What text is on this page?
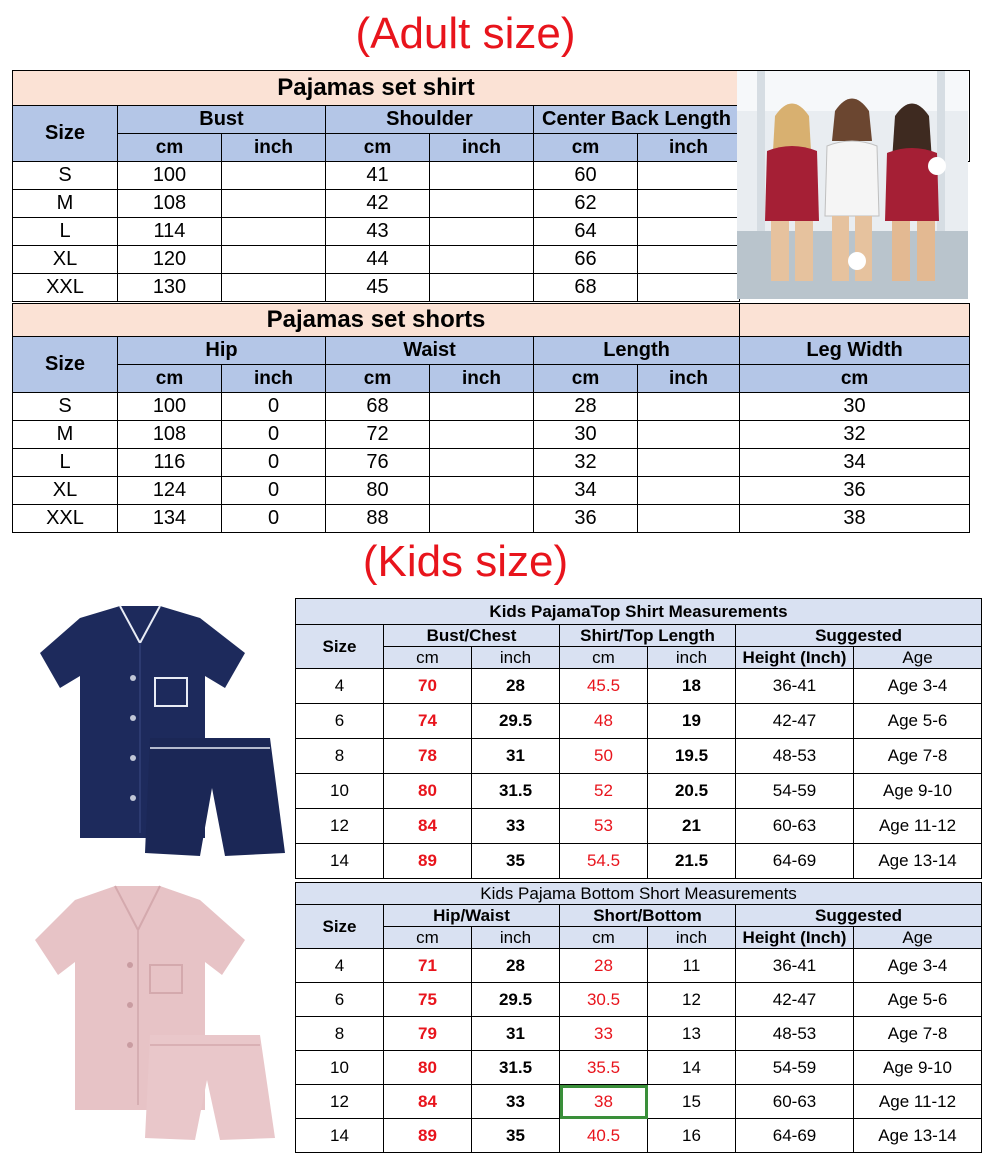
(Adult size)
Pajamas set shirt							
Size	Bust		Shoulder		Center Back Length		
	cm	inch	cm	inch	cm	inch	
S	100		41		60		
M	108		42		62		
L	114		43		64		
XL	120		44		66		
XXL	130		45		68		
Pajamas set shorts							
Size	Hip		Waist		Length		Leg Width
	cm	inch	cm	inch	cm	inch	cm
S	100	0	68		28		30
M	108	0	72		30		32
L	116	0	76		32		34
XL	124	0	80		34		36
XXL	134	0	88		36		38
(Kids size)
Kids PajamaTop Shirt Measurements						
Size	Bust/Chest		Shirt/Top Length		Suggested	
	cm	inch	cm	inch	Height (Inch)	Age
4	70	28	45.5	18	36-41	Age 3-4
6	74	29.5	48	19	42-47	Age 5-6
8	78	31	50	19.5	48-53	Age 7-8
10	80	31.5	52	20.5	54-59	Age 9-10
12	84	33	53	21	60-63	Age 11-12
14	89	35	54.5	21.5	64-69	Age 13-14
Kids Pajama Bottom Short Measurements						
Size	Hip/Waist		Short/Bottom		Suggested	
	cm	inch	cm	inch	Height (Inch)	Age
4	71	28	28	11	36-41	Age 3-4
6	75	29.5	30.5	12	42-47	Age 5-6
8	79	31	33	13	48-53	Age 7-8
10	80	31.5	35.5	14	54-59	Age 9-10
12	84	33	38	15	60-63	Age 11-12
14	89	35	40.5	16	64-69	Age 13-14
